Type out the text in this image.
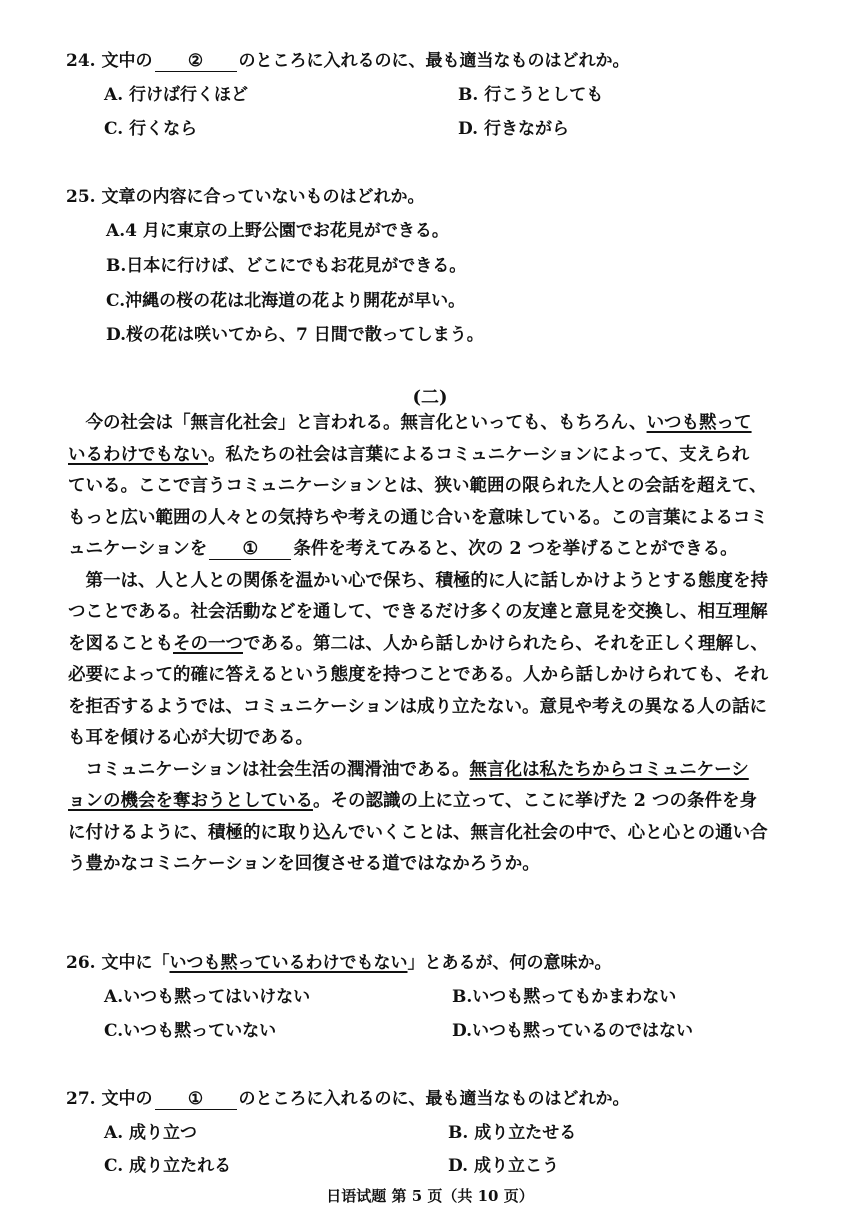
24. 文中の ② のところに入れるのに、最も適当なものはどれか。
A. 行けば行くほど	B. 行こうとしても
C. 行くなら	D. 行きながら
25. 文章の内容に合っていないものはどれか。
A.4 月に東京の上野公園でお花見ができる。
B.日本に行けば、どこにでもお花見ができる。
C.沖縄の桜の花は北海道の花より開花が早い。
D.桜の花は咲いてから、7 日間で散ってしまう。
(二)
　今の社会は「無言化社会」と言われる。無言化といっても、もちろん、いつも黙って
いるわけでもない。私たちの社会は言葉によるコミュニケーションによって、支えられ
ている。ここで言うコミュニケーションとは、狭い範囲の限られた人との会話を超えて、
もっと広い範囲の人々との気持ちや考えの通じ合いを意味している。この言葉によるコミ
ュニケーションを ① 条件を考えてみると、次の 2 つを挙げることができる。
　第一は、人と人との関係を温かい心で保ち、積極的に人に話しかけようとする態度を持
つことである。社会活動などを通して、できるだけ多くの友達と意見を交換し、相互理解
を図ることもその一つである。第二は、人から話しかけられたら、それを正しく理解し、
必要によって的確に答えるという態度を持つことである。人から話しかけられても、それ
を拒否するようでは、コミュニケーションは成り立たない。意見や考えの異なる人の話に
も耳を傾ける心が大切である。
　コミュニケーションは社会生活の潤滑油である。無言化は私たちからコミュニケーシ
ョンの機会を奪おうとしている。その認識の上に立って、ここに挙げた 2 つの条件を身
に付けるように、積極的に取り込んでいくことは、無言化社会の中で、心と心との通い合
う豊かなコミニケーションを回復させる道ではなかろうか。
26. 文中に「いつも黙っているわけでもない」とあるが、何の意味か。
A.いつも黙ってはいけない	B.いつも黙ってもかまわない
C.いつも黙っていない	D.いつも黙っているのではない
27. 文中の ① のところに入れるのに、最も適当なものはどれか。
A. 成り立つ	B. 成り立たせる
C. 成り立たれる	D. 成り立こう
日语试题 第 5 页（共 10 页）
